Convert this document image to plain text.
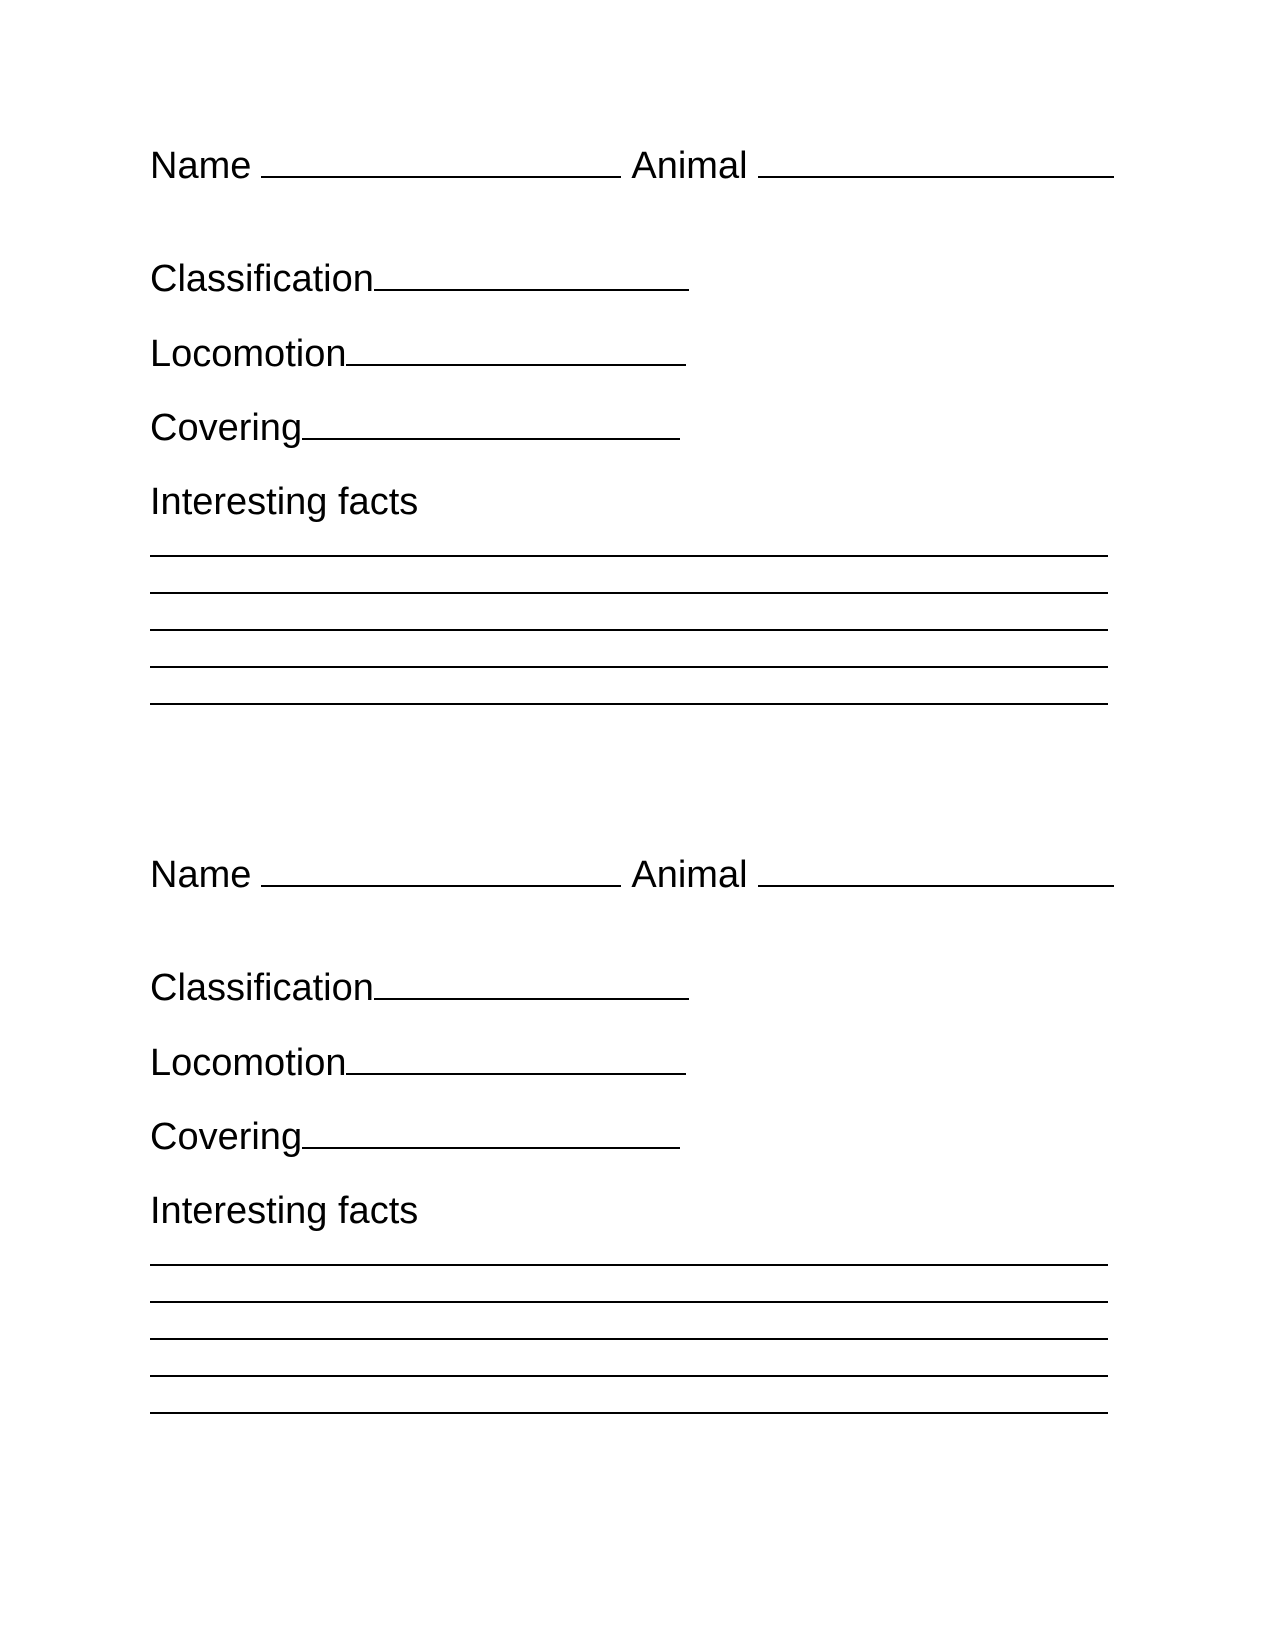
Name	Animal
Classification
Locomotion
Covering
Interesting facts
Name	Animal
Classification
Locomotion
Covering
Interesting facts
